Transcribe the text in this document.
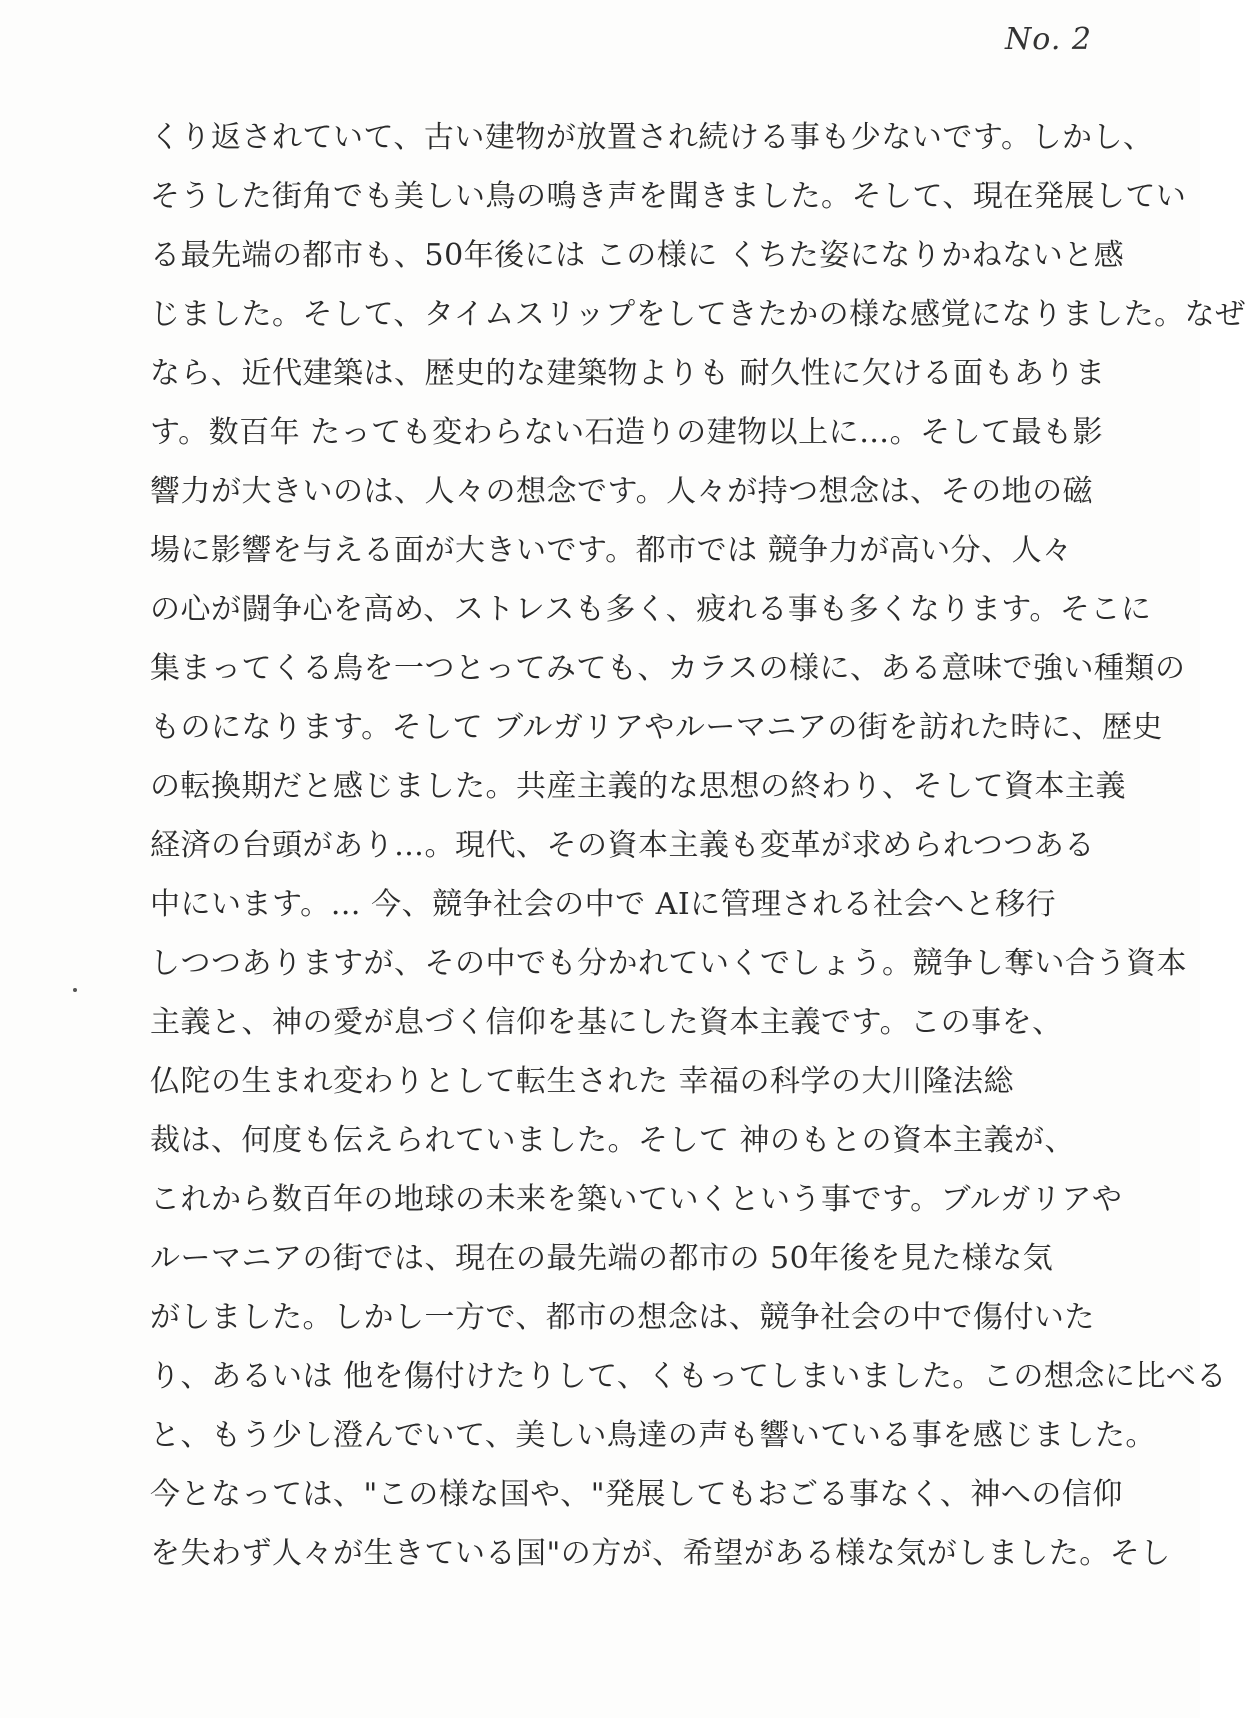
No. 2
くり返されていて、古い建物が放置され続ける事も少ないです。しかし、
そうした街角でも美しい鳥の鳴き声を聞きました。そして、現在発展してい
る最先端の都市も、50年後には この様に くちた姿になりかねないと感
じました。そして、タイムスリップをしてきたかの様な感覚になりました。なぜ
なら、近代建築は、歴史的な建築物よりも 耐久性に欠ける面もありま
す。数百年 たっても変わらない石造りの建物以上に…。そして最も影
響力が大きいのは、人々の想念です。人々が持つ想念は、その地の磁
場に影響を与える面が大きいです。都市では 競争力が高い分、人々
の心が闘争心を高め、ストレスも多く、疲れる事も多くなります。そこに
集まってくる鳥を一つとってみても、カラスの様に、ある意味で強い種類の
ものになります。そして ブルガリアやルーマニアの街を訪れた時に、歴史
の転換期だと感じました。共産主義的な思想の終わり、そして資本主義
経済の台頭があり…。現代、その資本主義も変革が求められつつある
中にいます。… 今、競争社会の中で AIに管理される社会へと移行
しつつありますが、その中でも分かれていくでしょう。競争し奪い合う資本
主義と、神の愛が息づく信仰を基にした資本主義です。この事を、
仏陀の生まれ変わりとして転生された 幸福の科学の大川隆法総
裁は、何度も伝えられていました。そして 神のもとの資本主義が、
これから数百年の地球の未来を築いていくという事です。ブルガリアや
ルーマニアの街では、現在の最先端の都市の 50年後を見た様な気
がしました。しかし一方で、都市の想念は、競争社会の中で傷付いた
り、あるいは 他を傷付けたりして、くもってしまいました。この想念に比べる
と、もう少し澄んでいて、美しい鳥達の声も響いている事を感じました。
今となっては、"この様な国や、"発展してもおごる事なく、神への信仰
を失わず人々が生きている国"の方が、希望がある様な気がしました。そし
